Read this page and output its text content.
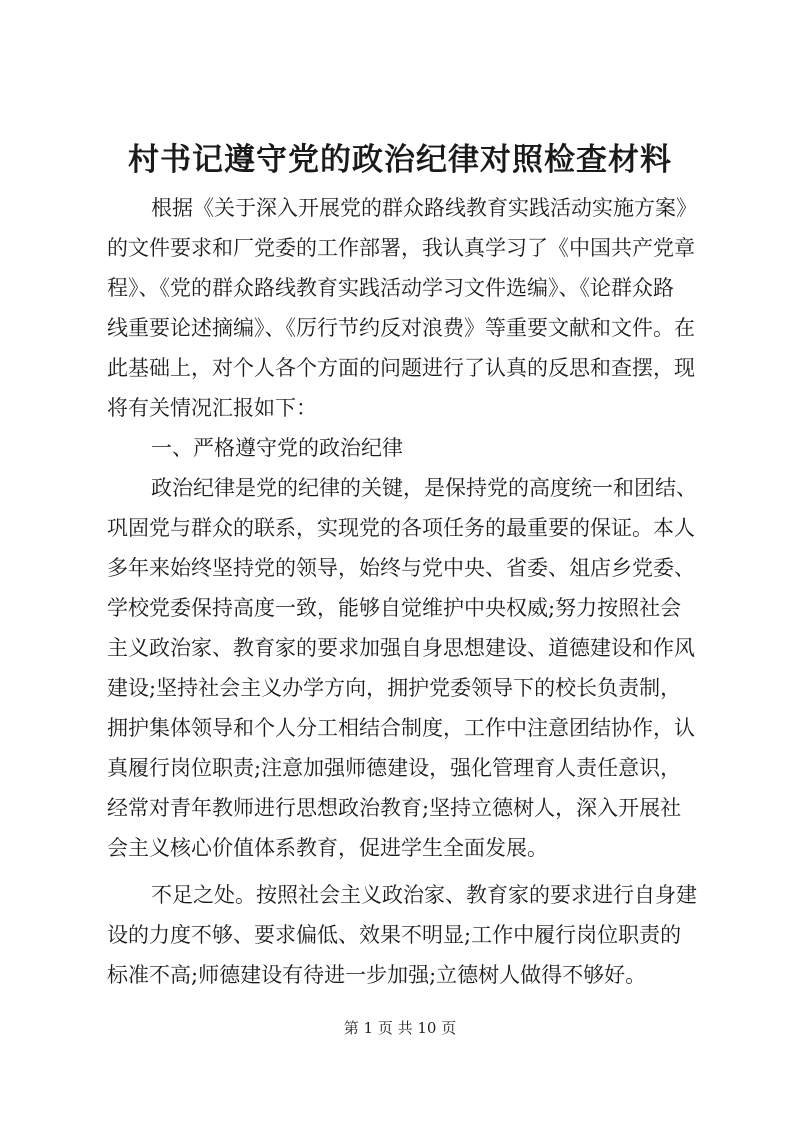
村书记遵守党的政治纪律对照检查材料

根据《关于深入开展党的群众路线教育实践活动实施方案》

的文件要求和厂党委的工作部署，我认真学习了《中国共产党章

程》、《党的群众路线教育实践活动学习文件选编》、《论群众路

线重要论述摘编》、《厉行节约反对浪费》等重要文献和文件。在

此基础上，对个人各个方面的问题进行了认真的反思和查摆，现

将有关情况汇报如下：

一、严格遵守党的政治纪律

政治纪律是党的纪律的关键，是保持党的高度统一和团结、

巩固党与群众的联系，实现党的各项任务的最重要的保证。本人

多年来始终坚持党的领导，始终与党中央、省委、俎店乡党委、

学校党委保持高度一致，能够自觉维护中央权威;努力按照社会

主义政治家、教育家的要求加强自身思想建设、道德建设和作风

建设;坚持社会主义办学方向，拥护党委领导下的校长负责制，

拥护集体领导和个人分工相结合制度，工作中注意团结协作，认

真履行岗位职责;注意加强师德建设，强化管理育人责任意识，

经常对青年教师进行思想政治教育;坚持立德树人，深入开展社

会主义核心价值体系教育，促进学生全面发展。

不足之处。按照社会主义政治家、教育家的要求进行自身建

设的力度不够、要求偏低、效果不明显;工作中履行岗位职责的

标准不高;师德建设有待进一步加强;立德树人做得不够好。

第 1 页 共 10 页
